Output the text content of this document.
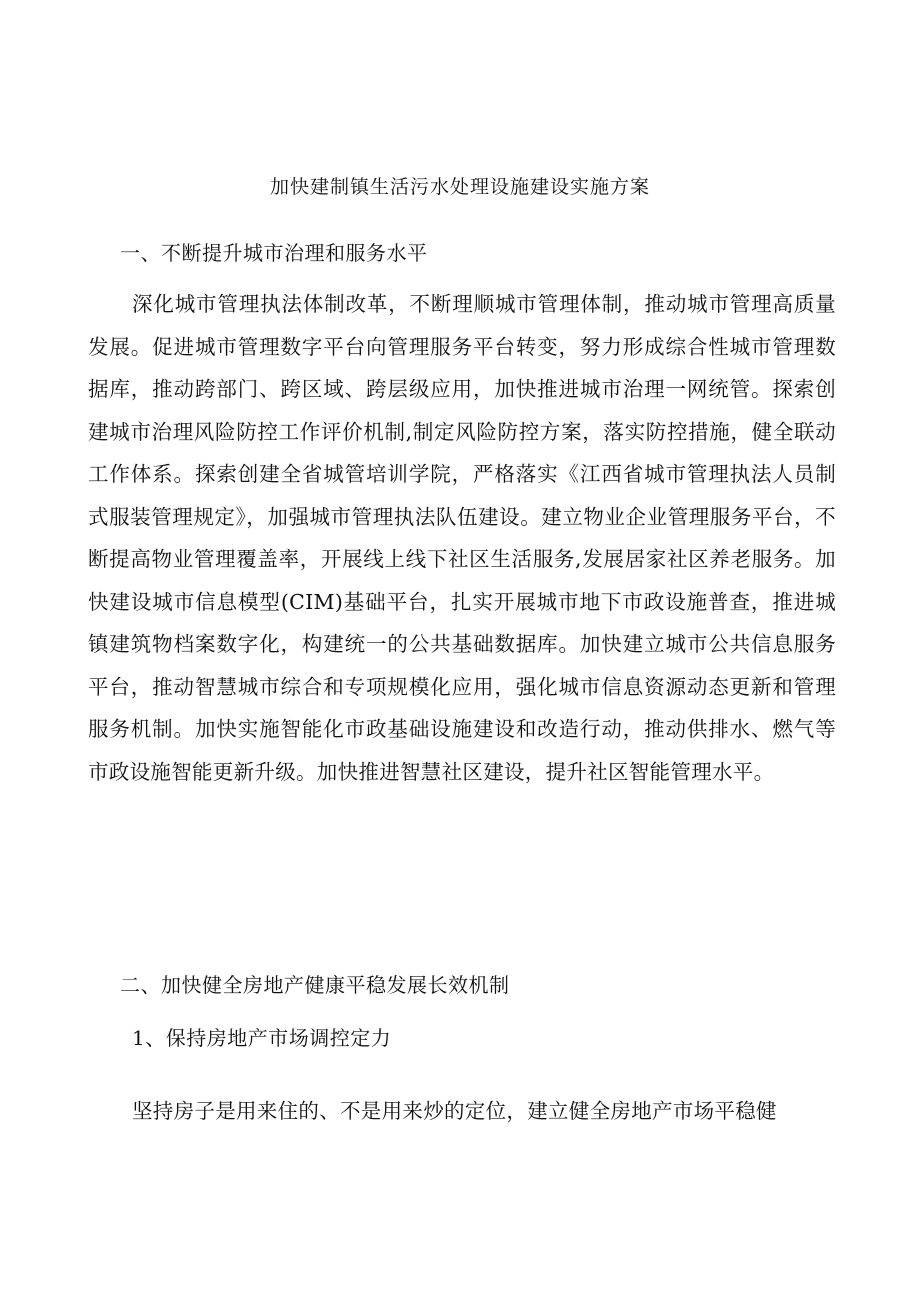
加快建制镇生活污水处理设施建设实施方案
一、不断提升城市治理和服务水平
深化城市管理执法体制改革，不断理顺城市管理体制，推动城市管理高质量发展。促进城市管理数字平台向管理服务平台转变，努力形成综合性城市管理数据库，推动跨部门、跨区域、跨层级应用，加快推进城市治理一网统管。探索创建城市治理风险防控工作评价机制,制定风险防控方案，落实防控措施，健全联动工作体系。探索创建全省城管培训学院，严格落实《江西省城市管理执法人员制式服装管理规定》，加强城市管理执法队伍建设。建立物业企业管理服务平台，不断提高物业管理覆盖率，开展线上线下社区生活服务,发展居家社区养老服务。加快建设城市信息模型(CIM)基础平台，扎实开展城市地下市政设施普查，推进城镇建筑物档案数字化，构建统一的公共基础数据库。加快建立城市公共信息服务平台，推动智慧城市综合和专项规模化应用，强化城市信息资源动态更新和管理服务机制。加快实施智能化市政基础设施建设和改造行动，推动供排水、燃气等市政设施智能更新升级。加快推进智慧社区建设，提升社区智能管理水平。
二、加快健全房地产健康平稳发展长效机制
1、保持房地产市场调控定力
坚持房子是用来住的、不是用来炒的定位，建立健全房地产市场平稳健
